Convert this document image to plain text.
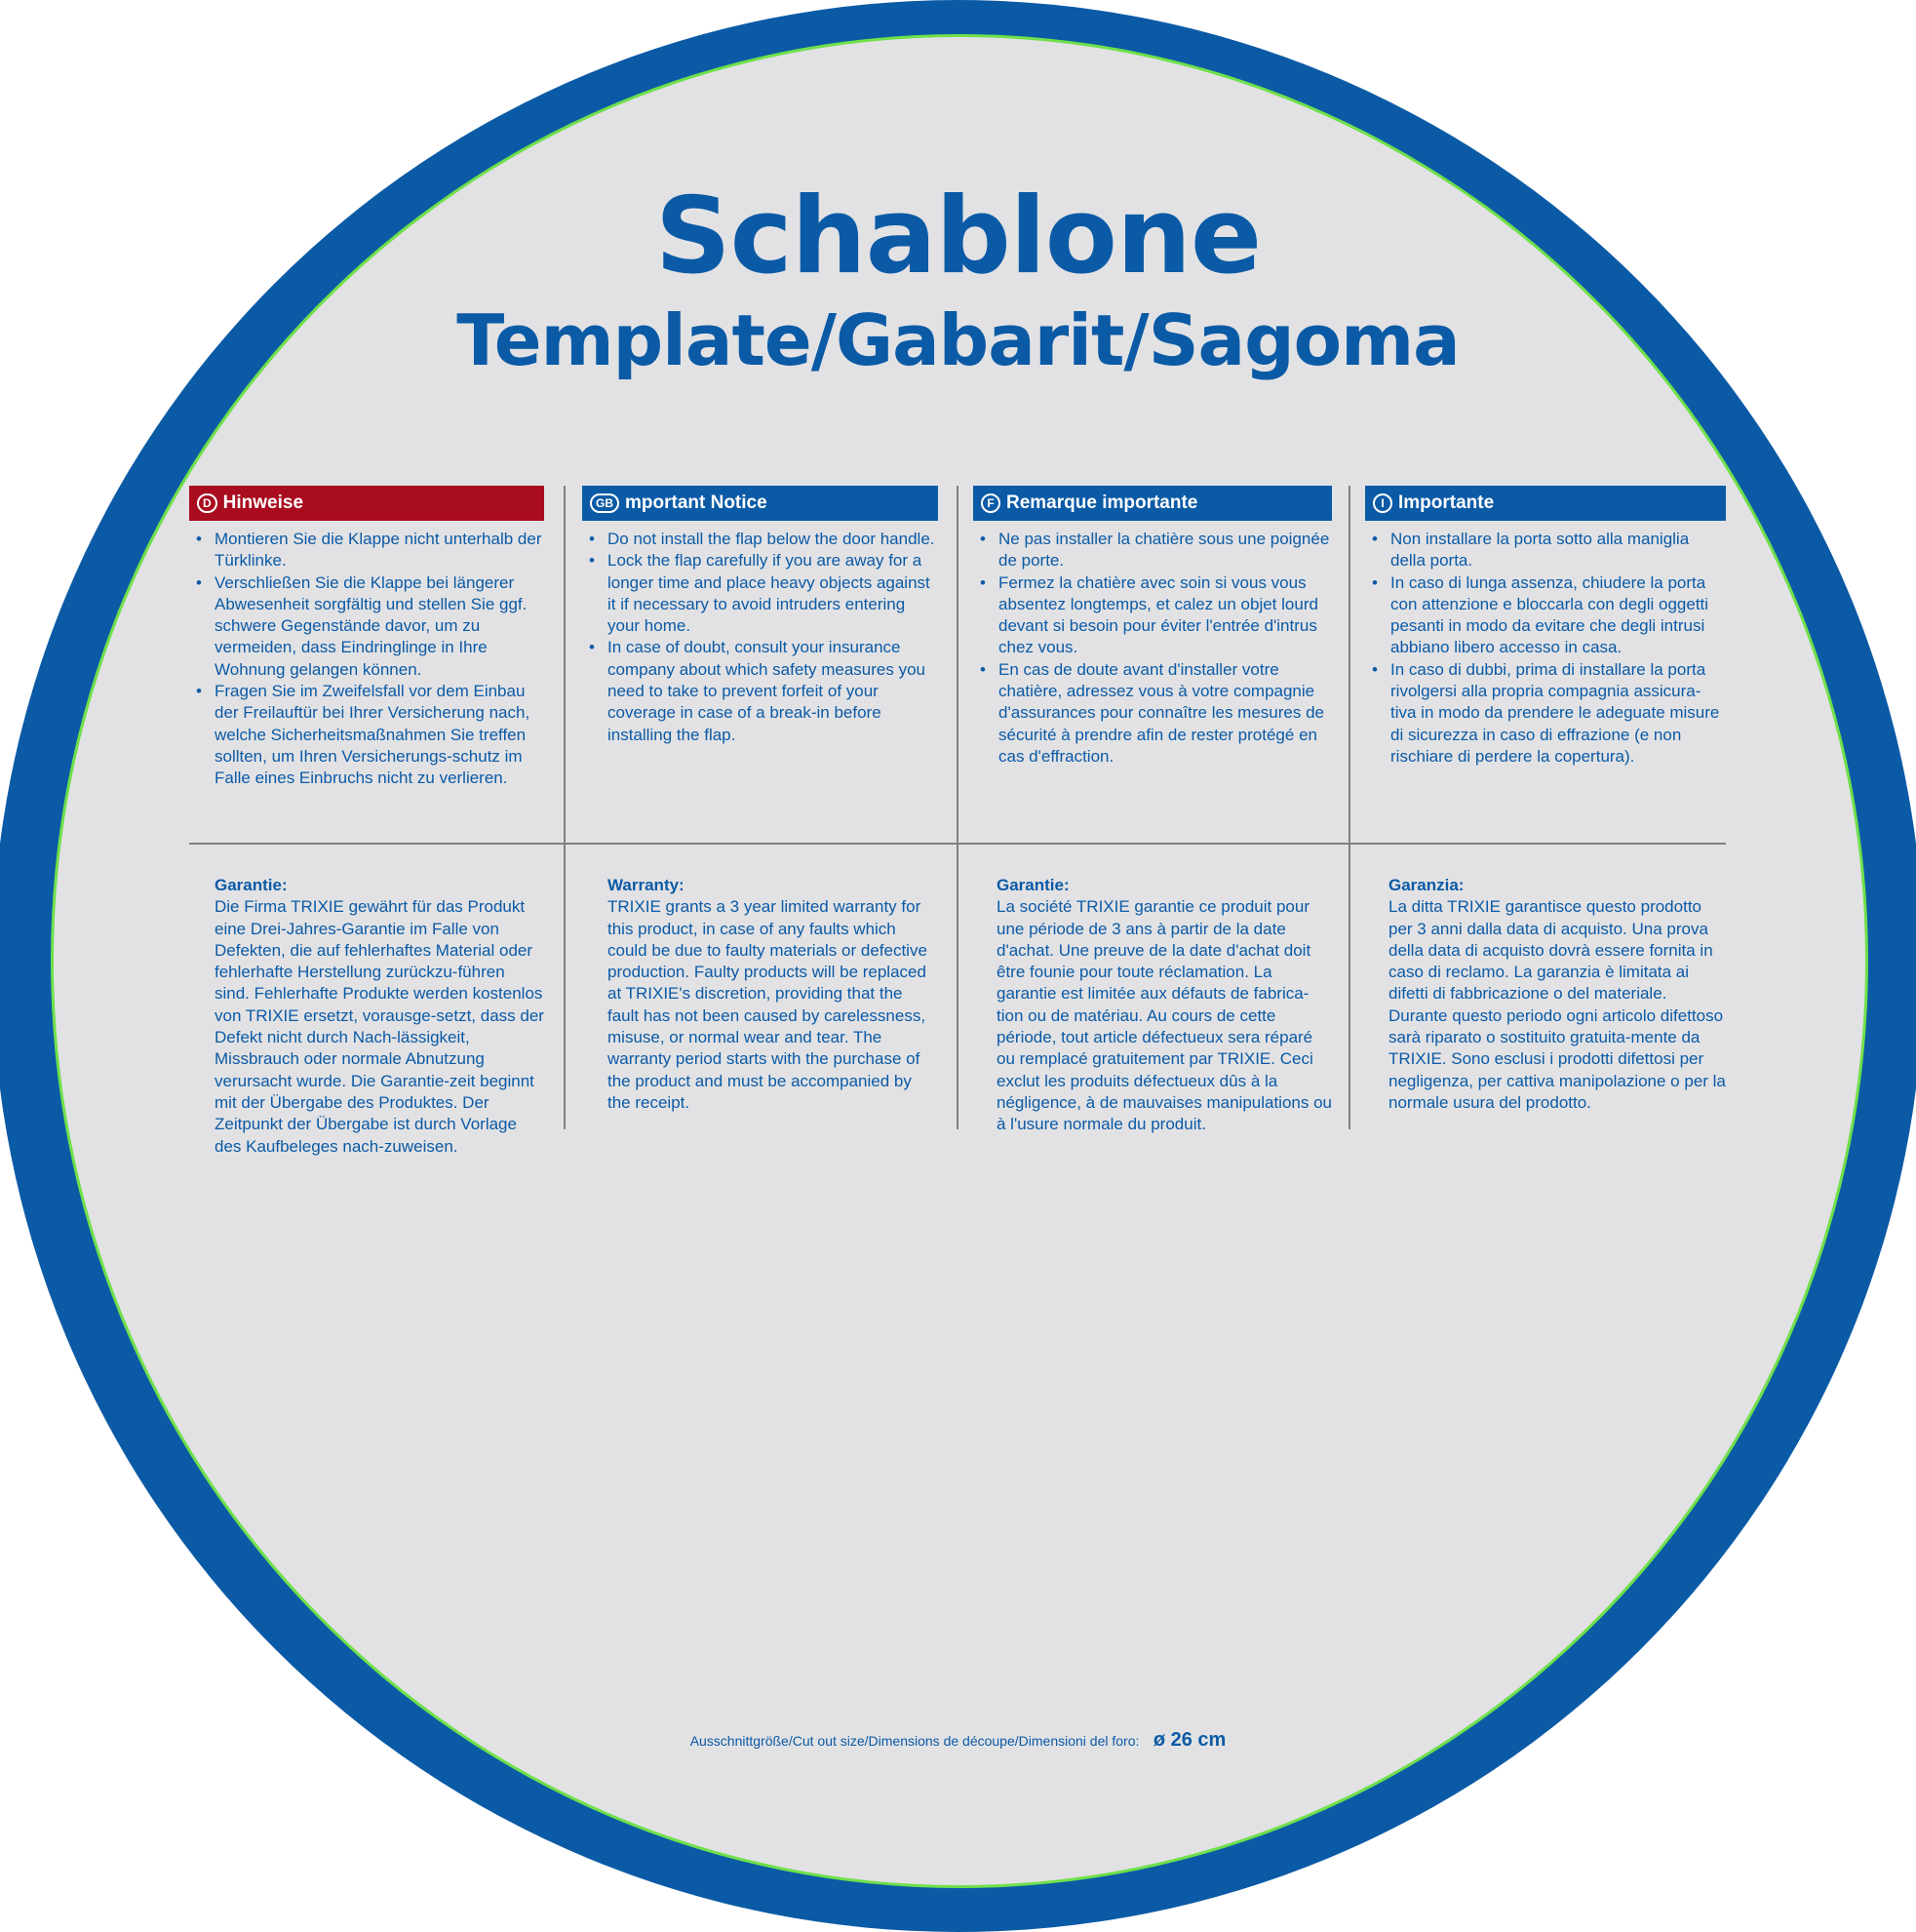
Schablone
Template/Gabarit/Sagoma
D Hinweise
• Montieren Sie die Klappe nicht unterhalb der Türklinke.
• Verschließen Sie die Klappe bei längerer Abwesenheit sorgfältig und stellen Sie ggf. schwere Gegenstände davor, um zu vermeiden, dass Eindringlinge in Ihre Wohnung gelangen können.
• Fragen Sie im Zweifelsfall vor dem Einbau der Freilauftür bei Ihrer Versicherung nach, welche Sicherheitsmaßnahmen Sie treffen sollten, um Ihren Versicherungs-schutz im Falle eines Einbruchs nicht zu verlieren.
GB mportant Notice
• Do not install the flap below the door handle.
• Lock the flap carefully if you are away for a longer time and place heavy objects against it if necessary to avoid intruders entering your home.
• In case of doubt, consult your insurance company about which safety measures you need to take to prevent forfeit of your coverage in case of a break-in before installing the flap.
F Remarque importante
• Ne pas installer la chatière sous une poignée de porte.
• Fermez la chatière avec soin si vous vous absentez longtemps, et calez un objet lourd devant si besoin pour éviter l'entrée d'intrus chez vous.
• En cas de doute avant d'installer votre chatière, adressez vous à votre compagnie d'assurances pour connaître les mesures de sécurité à prendre afin de rester protégé en cas d'effraction.
I Importante
• Non installare la porta sotto alla maniglia della porta.
• In caso di lunga assenza, chiudere la porta con attenzione e bloccarla con degli oggetti pesanti in modo da evitare che degli intrusi abbiano libero accesso in casa.
• In caso di dubbi, prima di installare la porta rivolgersi alla propria compagnia assicura-tiva in modo da prendere le adeguate misure di sicurezza in caso di effrazione (e non rischiare di perdere la copertura).
Garantie:

Die Firma TRIXIE gewährt für das Produkt eine Drei-Jahres-Garantie im Falle von Defekten, die auf fehlerhaftes Material oder fehlerhafte Herstellung zurückzu-führen sind. Fehlerhafte Produkte werden kostenlos von TRIXIE ersetzt, vorausge-setzt, dass der Defekt nicht durch Nach-lässigkeit, Missbrauch oder normale Abnutzung verursacht wurde. Die Garantie-zeit beginnt mit der Übergabe des Produktes. Der Zeitpunkt der Übergabe ist durch Vorlage des Kaufbeleges nach-zuweisen.

Warranty:

TRIXIE grants a 3 year limited warranty for this product, in case of any faults which could be due to faulty materials or defective production. Faulty products will be replaced at TRIXIE's discretion, providing that the fault has not been caused by carelessness, misuse, or normal wear and tear. The warranty period starts with the purchase of the product and must be accompanied by the receipt.

Garantie:

La société TRIXIE garantie ce produit pour une période de 3 ans à partir de la date d'achat. Une preuve de la date d'achat doit être founie pour toute réclamation. La garantie est limitée aux défauts de fabrica-tion ou de matériau. Au cours de cette période, tout article défectueux sera réparé ou remplacé gratuitement par TRIXIE. Ceci exclut les produits défectueux dûs à la négligence, à de mauvaises manipulations ou à l'usure normale du produit.

Garanzia:

La ditta TRIXIE garantisce questo prodotto per 3 anni dalla data di acquisto. Una prova della data di acquisto dovrà essere fornita in caso di reclamo. La garanzia è limitata ai difetti di fabbricazione o del materiale. Durante questo periodo ogni articolo difettoso sarà riparato o sostituito gratuita-mente da TRIXIE. Sono esclusi i prodotti difettosi per negligenza, per cattiva manipolazione o per la normale usura del prodotto.

Ausschnittgröße/Cut out size/Dimensions de découpe/Dimensioni del foro: ø 26 cm
